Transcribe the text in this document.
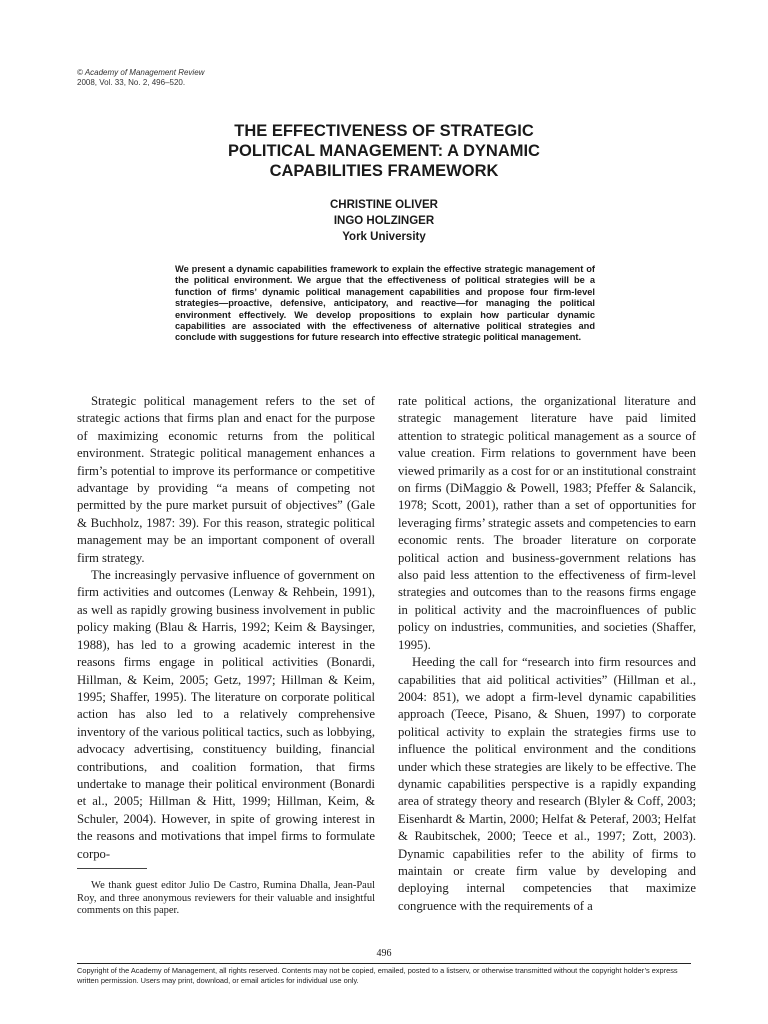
© Academy of Management Review
2008, Vol. 33, No. 2, 496–520.
THE EFFECTIVENESS OF STRATEGIC
POLITICAL MANAGEMENT: A DYNAMIC
CAPABILITIES FRAMEWORK
CHRISTINE OLIVER
INGO HOLZINGER
York University
We present a dynamic capabilities framework to explain the effective strategic management of the political environment. We argue that the effectiveness of political strategies will be a function of firms’ dynamic political management capabilities and propose four firm-level strategies—proactive, defensive, anticipatory, and reactive—for managing the political environment effectively. We develop propositions to explain how particular dynamic capabilities are associated with the effectiveness of alternative political strategies and conclude with suggestions for future research into effective strategic political management.

Strategic political management refers to the set of strategic actions that firms plan and enact for the purpose of maximizing economic returns from the political environment. Strategic political management enhances a firm’s potential to improve its performance or competitive advantage by providing “a means of competing not permitted by the pure market pursuit of objectives” (Gale & Buchholz, 1987: 39). For this reason, strategic political management may be an important component of overall firm strategy.

The increasingly pervasive influence of government on firm activities and outcomes (Lenway & Rehbein, 1991), as well as rapidly growing business involvement in public policy making (Blau & Harris, 1992; Keim & Baysinger, 1988), has led to a growing academic interest in the reasons firms engage in political activities (Bonardi, Hillman, & Keim, 2005; Getz, 1997; Hillman & Keim, 1995; Shaffer, 1995). The literature on corporate political action has also led to a relatively comprehensive inventory of the various political tactics, such as lobbying, advocacy advertising, constituency building, financial contributions, and coalition formation, that firms undertake to manage their political environment (Bonardi et al., 2005; Hillman & Hitt, 1999; Hillman, Keim, & Schuler, 2004). However, in spite of growing interest in the reasons and motivations that impel firms to formulate corpo-

rate political actions, the organizational literature and strategic management literature have paid limited attention to strategic political management as a source of value creation. Firm relations to government have been viewed primarily as a cost for or an institutional constraint on firms (DiMaggio & Powell, 1983; Pfeffer & Salancik, 1978; Scott, 2001), rather than a set of opportunities for leveraging firms’ strategic assets and competencies to earn economic rents. The broader literature on corporate political action and business-government relations has also paid less attention to the effectiveness of firm-level strategies and outcomes than to the reasons firms engage in political activity and the macroinfluences of public policy on industries, communities, and societies (Shaffer, 1995).

Heeding the call for “research into firm resources and capabilities that aid political activities” (Hillman et al., 2004: 851), we adopt a firm-level dynamic capabilities approach (Teece, Pisano, & Shuen, 1997) to corporate political activity to explain the strategies firms use to influence the political environment and the conditions under which these strategies are likely to be effective. The dynamic capabilities perspective is a rapidly expanding area of strategy theory and research (Blyler & Coff, 2003; Eisenhardt & Martin, 2000; Helfat & Peteraf, 2003; Helfat & Raubitschek, 2000; Teece et al., 1997; Zott, 2003). Dynamic capabilities refer to the ability of firms to maintain or create firm value by developing and deploying internal competencies that maximize congruence with the requirements of a

We thank guest editor Julio De Castro, Rumina Dhalla, Jean-Paul Roy, and three anonymous reviewers for their valuable and insightful comments on this paper.
496
Copyright of the Academy of Management, all rights reserved. Contents may not be copied, emailed, posted to a listserv, or otherwise transmitted without the copyright holder’s express written permission. Users may print, download, or email articles for individual use only.
